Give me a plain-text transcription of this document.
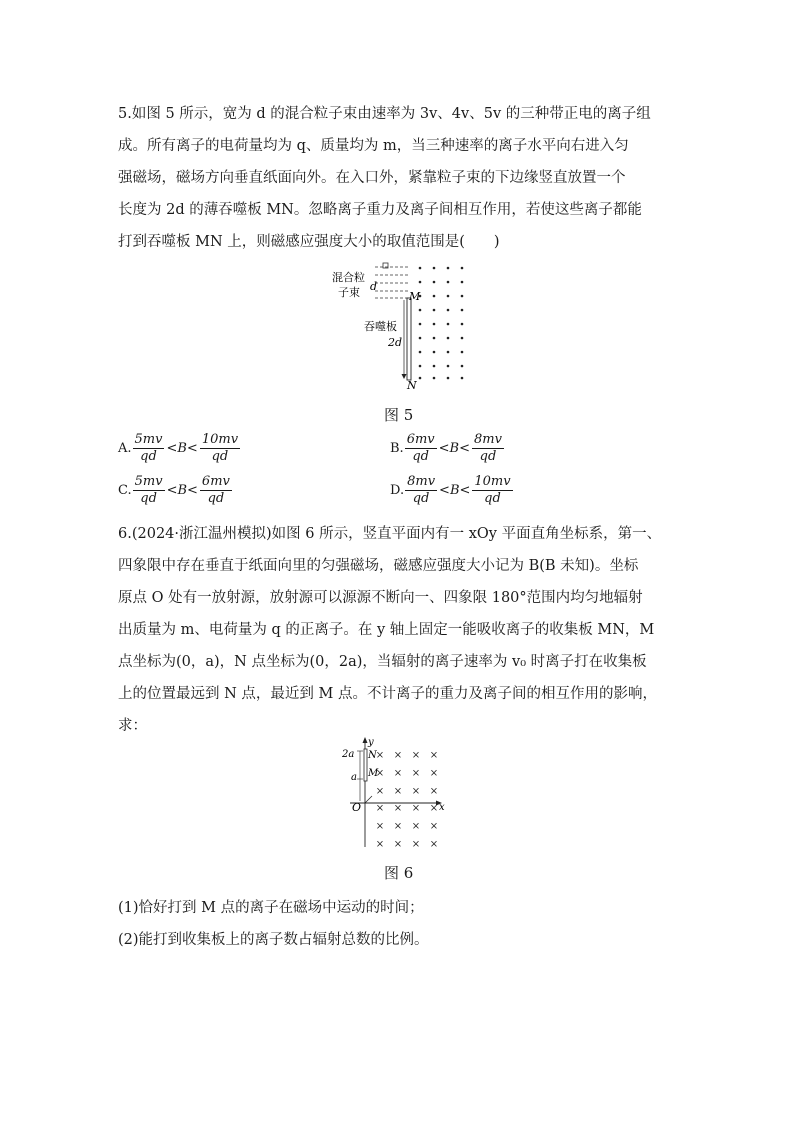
5.如图 5 所示，宽为 d 的混合粒子束由速率为 3v、4v、5v 的三种带正电的离子组
成。所有离子的电荷量均为 q、质量均为 m，当三种速率的离子水平向右进入匀
强磁场，磁场方向垂直纸面向外。在入口外，紧靠粒子束的下边缘竖直放置一个
长度为 2d 的薄吞噬板 MN。忽略离子重力及离子间相互作用，若使这些离子都能
打到吞噬板 MN 上，则磁感应强度大小的取值范围是(　　)
混合粒
子束 d
M
吞噬板
2d
N
图 5
A. $\frac{5mv}{qd} <B< \frac{10mv}{qd}$	B. $\frac{6mv}{qd} <B< \frac{8mv}{qd}$
C. $\frac{5mv}{qd} <B< \frac{6mv}{qd}$	D. $\frac{8mv}{qd} <B< \frac{10mv}{qd}$
6.(2024·浙江温州模拟)如图 6 所示，竖直平面内有一 xOy 平面直角坐标系，第一、
四象限中存在垂直于纸面向里的匀强磁场，磁感应强度大小记为 B(B 未知)。坐标
原点 O 处有一放射源，放射源可以源源不断向一、四象限 180°范围内均匀地辐射
出质量为 m、电荷量为 q 的正离子。在 y 轴上固定一能吸收离子的收集板 MN，M
点坐标为(0，a)，N 点坐标为(0，2a)，当辐射的离子速率为 v₀ 时离子打在收集板
上的位置最远到 N 点，最近到 M 点。不计离子的重力及离子间的相互作用的影响，
求：
× × × ×
× × × ×
× × × ×
× × × ×
× × × ×
× × × ×
y
2a N
a M
O	x
图 6
(1)恰好打到 M 点的离子在磁场中运动的时间；
(2)能打到收集板上的离子数占辐射总数的比例。
